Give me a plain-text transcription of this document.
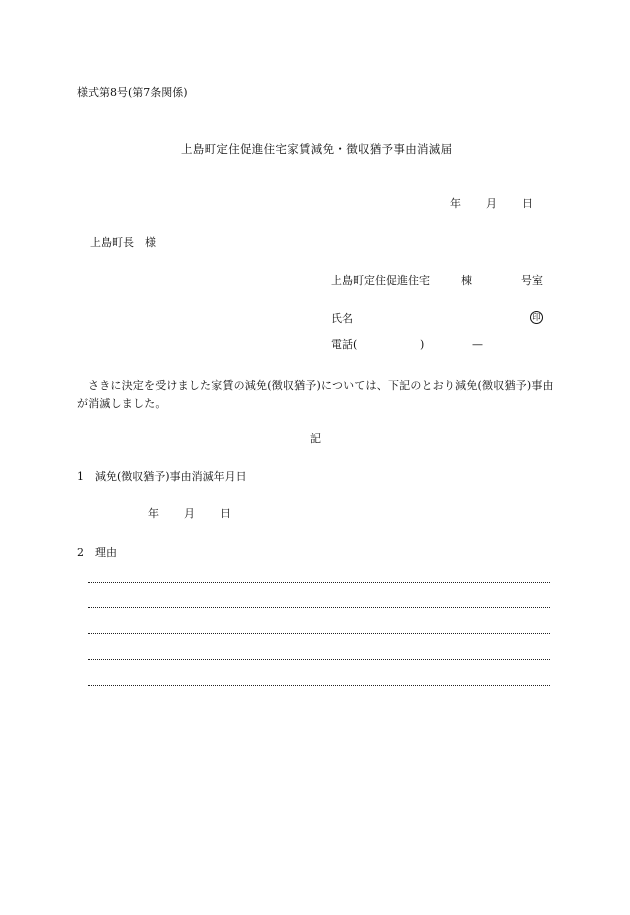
様式第8号(第7条関係)
上島町定住促進住宅家賃減免・徴収猶予事由消滅届
年 月 日
上島町長　様
上島町定住促進住宅	棟	号室
氏名	印
電話(	)	—
さきに決定を受けました家賃の減免(徴収猶予)については、下記のとおり減免(徴収猶予)事由が消滅しました。
記
1　減免(徴収猶予)事由消滅年月日
年 月 日
2　理由
